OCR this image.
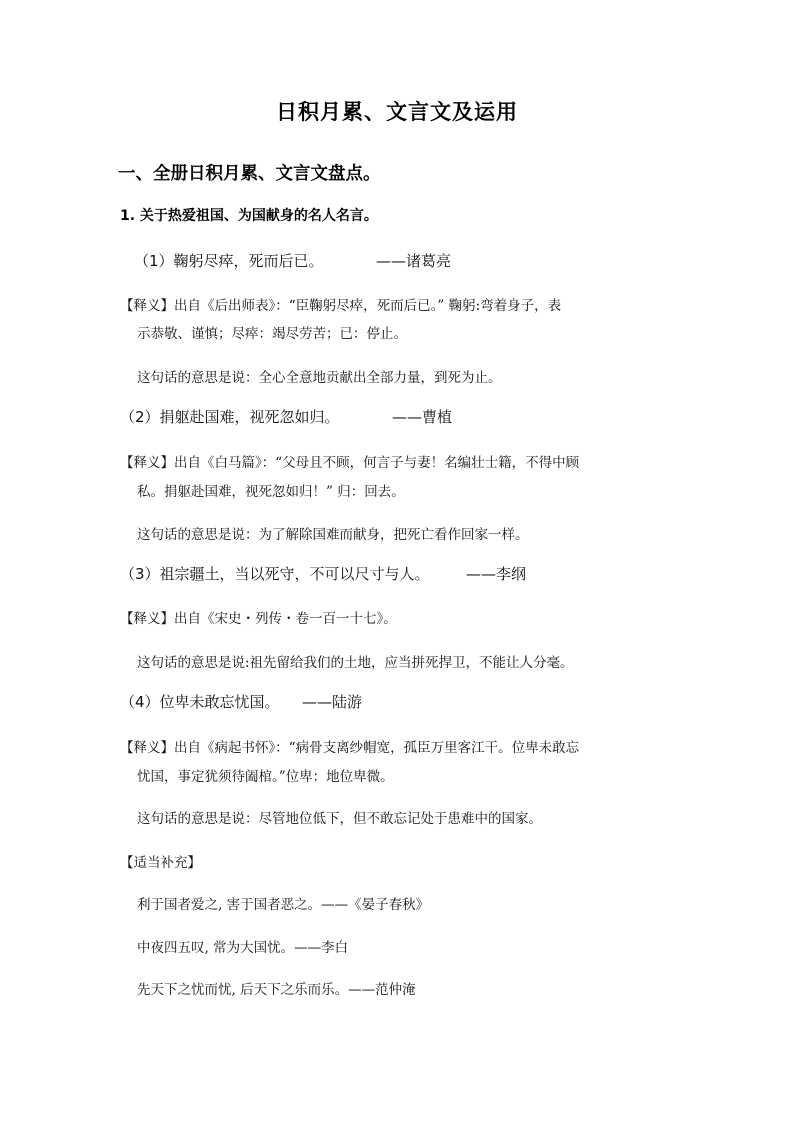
日积月累、文言文及运用
一、全册日积月累、文言文盘点。
1. 关于热爱祖国、为国献身的名人名言。
（1）鞠躬尽瘁，死而后已。	——诸葛亮
【释义】出自《后出师表》：“臣鞠躬尽瘁，死而后已。” 鞠躬:弯着身子，表
示恭敬、谨慎；尽瘁：竭尽劳苦；已：停止。
这句话的意思是说：全心全意地贡献出全部力量，到死为止。
（2）捐躯赴国难，视死忽如归。	——曹植
【释义】出自《白马篇》：“父母且不顾，何言子与妻！名编壮士籍，不得中顾
私。捐躯赴国难，视死忽如归！” 归：回去。
这句话的意思是说：为了解除国难而献身，把死亡看作回家一样。
（3）祖宗疆土，当以死守，不可以尺寸与人。 ——李纲
【释义】出自《宋史・列传・卷一百一十七》。
这句话的意思是说:祖先留给我们的土地，应当拼死捍卫，不能让人分毫。
（4）位卑未敢忘忧国。 ——陆游
【释义】出自《病起书怀》：“病骨支离纱帽宽，孤臣万里客江干。位卑未敢忘
忧国，事定犹须待阖棺。”位卑：地位卑微。
这句话的意思是说：尽管地位低下，但不敢忘记处于患难中的国家。
【适当补充】
利于国者爱之, 害于国者恶之。——《晏子春秋》
中夜四五叹, 常为大国忧。——李白
先天下之忧而忧, 后天下之乐而乐。——范仲淹
